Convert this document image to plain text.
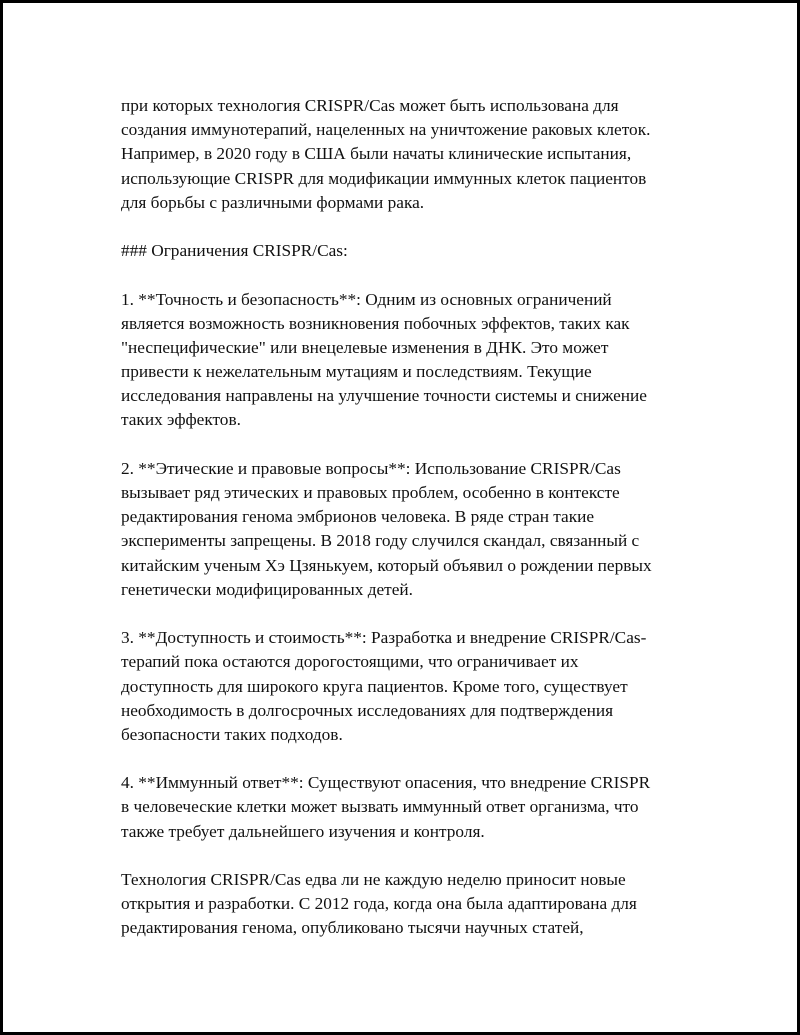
при которых технология CRISPR/Cas может быть использована для
создания иммунотерапий, нацеленных на уничтожение раковых клеток.
Например, в 2020 году в США были начаты клинические испытания,
использующие CRISPR для модификации иммунных клеток пациентов
для борьбы с различными формами рака.
### Ограничения CRISPR/Cas:
1. **Точность и безопасность**: Одним из основных ограничений
является возможность возникновения побочных эффектов, таких как
"неспецифические" или внецелевые изменения в ДНК. Это может
привести к нежелательным мутациям и последствиям. Текущие
исследования направлены на улучшение точности системы и снижение
таких эффектов.
2. **Этические и правовые вопросы**: Использование CRISPR/Cas
вызывает ряд этических и правовых проблем, особенно в контексте
редактирования генома эмбрионов человека. В ряде стран такие
эксперименты запрещены. В 2018 году случился скандал, связанный с
китайским ученым Хэ Цзянькуем, который объявил о рождении первых
генетически модифицированных детей.
3. **Доступность и стоимость**: Разработка и внедрение CRISPR/Cas-
терапий пока остаются дорогостоящими, что ограничивает их
доступность для широкого круга пациентов. Кроме того, существует
необходимость в долгосрочных исследованиях для подтверждения
безопасности таких подходов.
4. **Иммунный ответ**: Существуют опасения, что внедрение CRISPR
в человеческие клетки может вызвать иммунный ответ организма, что
также требует дальнейшего изучения и контроля.
Технология CRISPR/Cas едва ли не каждую неделю приносит новые
открытия и разработки. С 2012 года, когда она была адаптирована для
редактирования генома, опубликовано тысячи научных статей,
